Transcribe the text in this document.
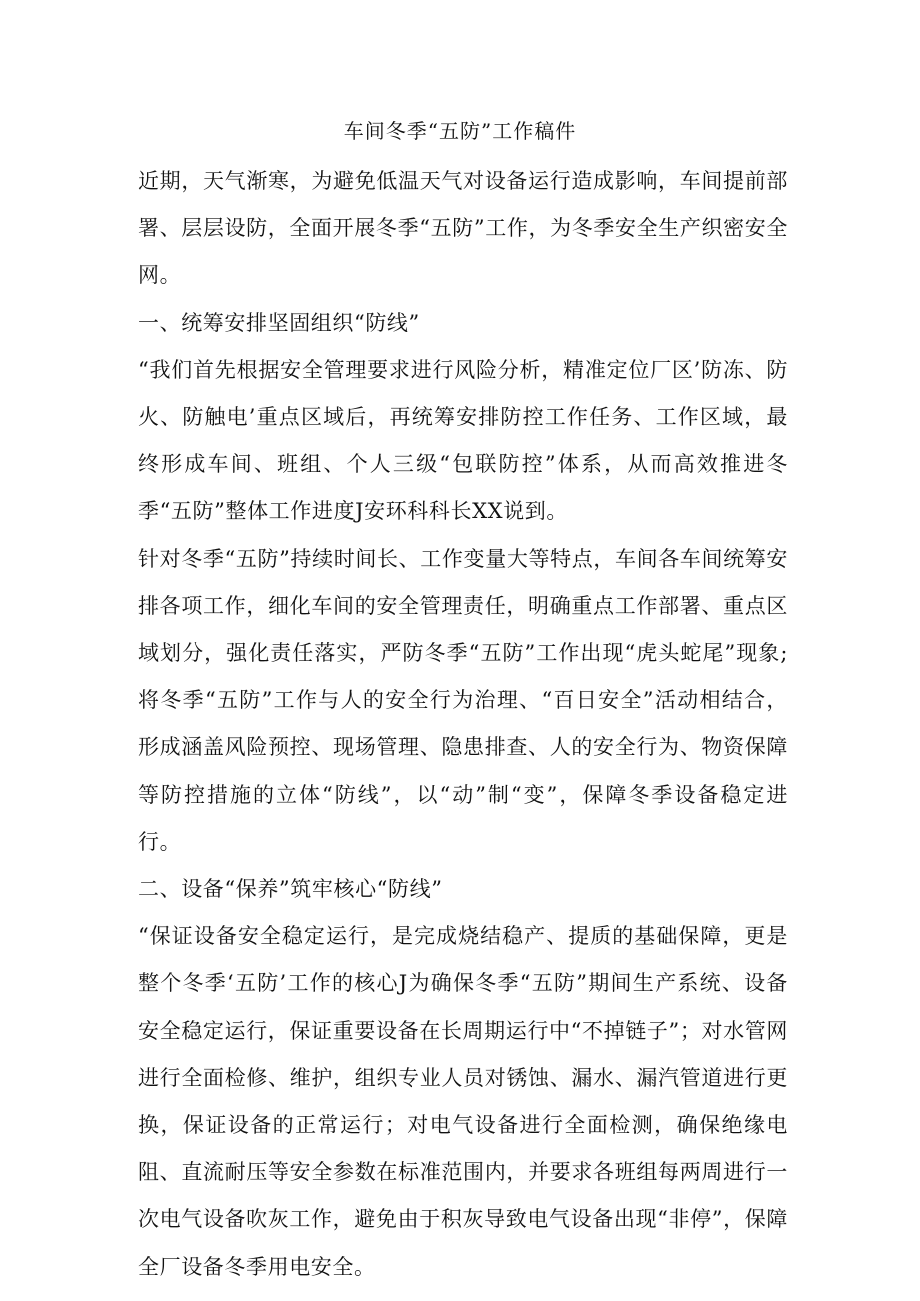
车间冬季“五防”工作稿件

近期，天气渐寒，为避免低温天气对设备运行造成影响，车间提前部署、层层设防，全面开展冬季“五防”工作，为冬季安全生产织密安全网。

一、统筹安排坚固组织“防线”

“我们首先根据安全管理要求进行风险分析，精准定位厂区’防冻、防火、防触电’重点区域后，再统筹安排防控工作任务、工作区域，最终形成车间、班组、个人三级“包联防控”体系，从而高效推进冬季“五防”整体工作进度J安环科科长XX说到。

针对冬季“五防”持续时间长、工作变量大等特点，车间各车间统筹安排各项工作，细化车间的安全管理责任，明确重点工作部署、重点区域划分，强化责任落实，严防冬季“五防”工作出现“虎头蛇尾”现象;将冬季“五防”工作与人的安全行为治理、“百日安全”活动相结合，形成涵盖风险预控、现场管理、隐患排查、人的安全行为、物资保障等防控措施的立体“防线”，以“动”制“变”，保障冬季设备稳定进行。

二、设备“保养”筑牢核心“防线”

“保证设备安全稳定运行，是完成烧结稳产、提质的基础保障，更是整个冬季‘五防’工作的核心J为确保冬季“五防”期间生产系统、设备安全稳定运行，保证重要设备在长周期运行中“不掉链子”；对水管网进行全面检修、维护，组织专业人员对锈蚀、漏水、漏汽管道进行更换，保证设备的正常运行；对电气设备进行全面检测，确保绝缘电阻、直流耐压等安全参数在标准范围内，并要求各班组每两周进行一次电气设备吹灰工作，避免由于积灰导致电气设备出现“非停”，保障全厂设备冬季用电安全。
